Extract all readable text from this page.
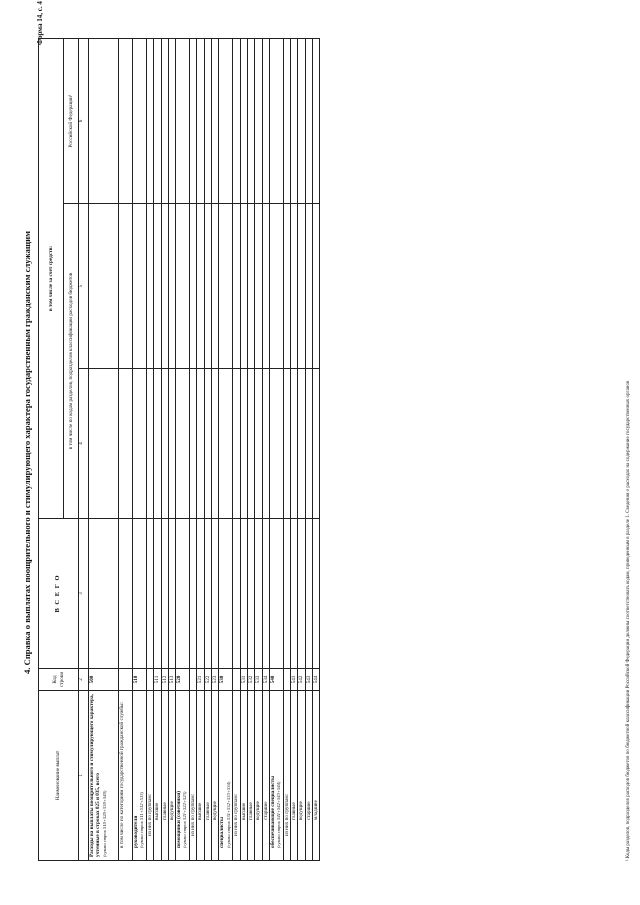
Форма 14, с. 4
4. Справка о выплатах поощрительного и стимулирующего характера государственным гражданским служащим
Наименование выплат	Код строки	В С Е Г О	в том числе за счет средств:		
			в том числе по кодам разделов, подразделов классификации расходов бюджетов		Российской Федерации¹
1	2	3	4	5	6
Расходы на выплаты поощрительного и стимулирующего характера, учтенные в строках 025 и 035, всего
(сумма строк 510+520+530+540)	500				
в том числе по категориям государственной гражданской службы:					
руководители
(сумма строк 511+512+513)	510				
из них по группам:					
высшие	511				
главные	512				
ведущие	513				
помощники (советники)
(сумма строк 521+522+523)	520				
из них по группам:					
высшие	521				
главные	522				
ведущие	523				
специалисты
(сумма строк 531+532+533+534)	530				
из них по группам:					
высшие	531				
главные	532				
ведущие	533				
старшие	534				
обеспечивающие специалисты
(сумма строк 541+542+543+544)	540				
из них по группам:					
главные	541				
ведущие	542				
старшие	543				
младшие	544					¹ Коды разделов, подразделов расходов бюджетов по бюджетной классификации Российской Федерации должны соответствовать кодам, приведенным в разделе 1. Сведения о расходах на содержание государственных органов
